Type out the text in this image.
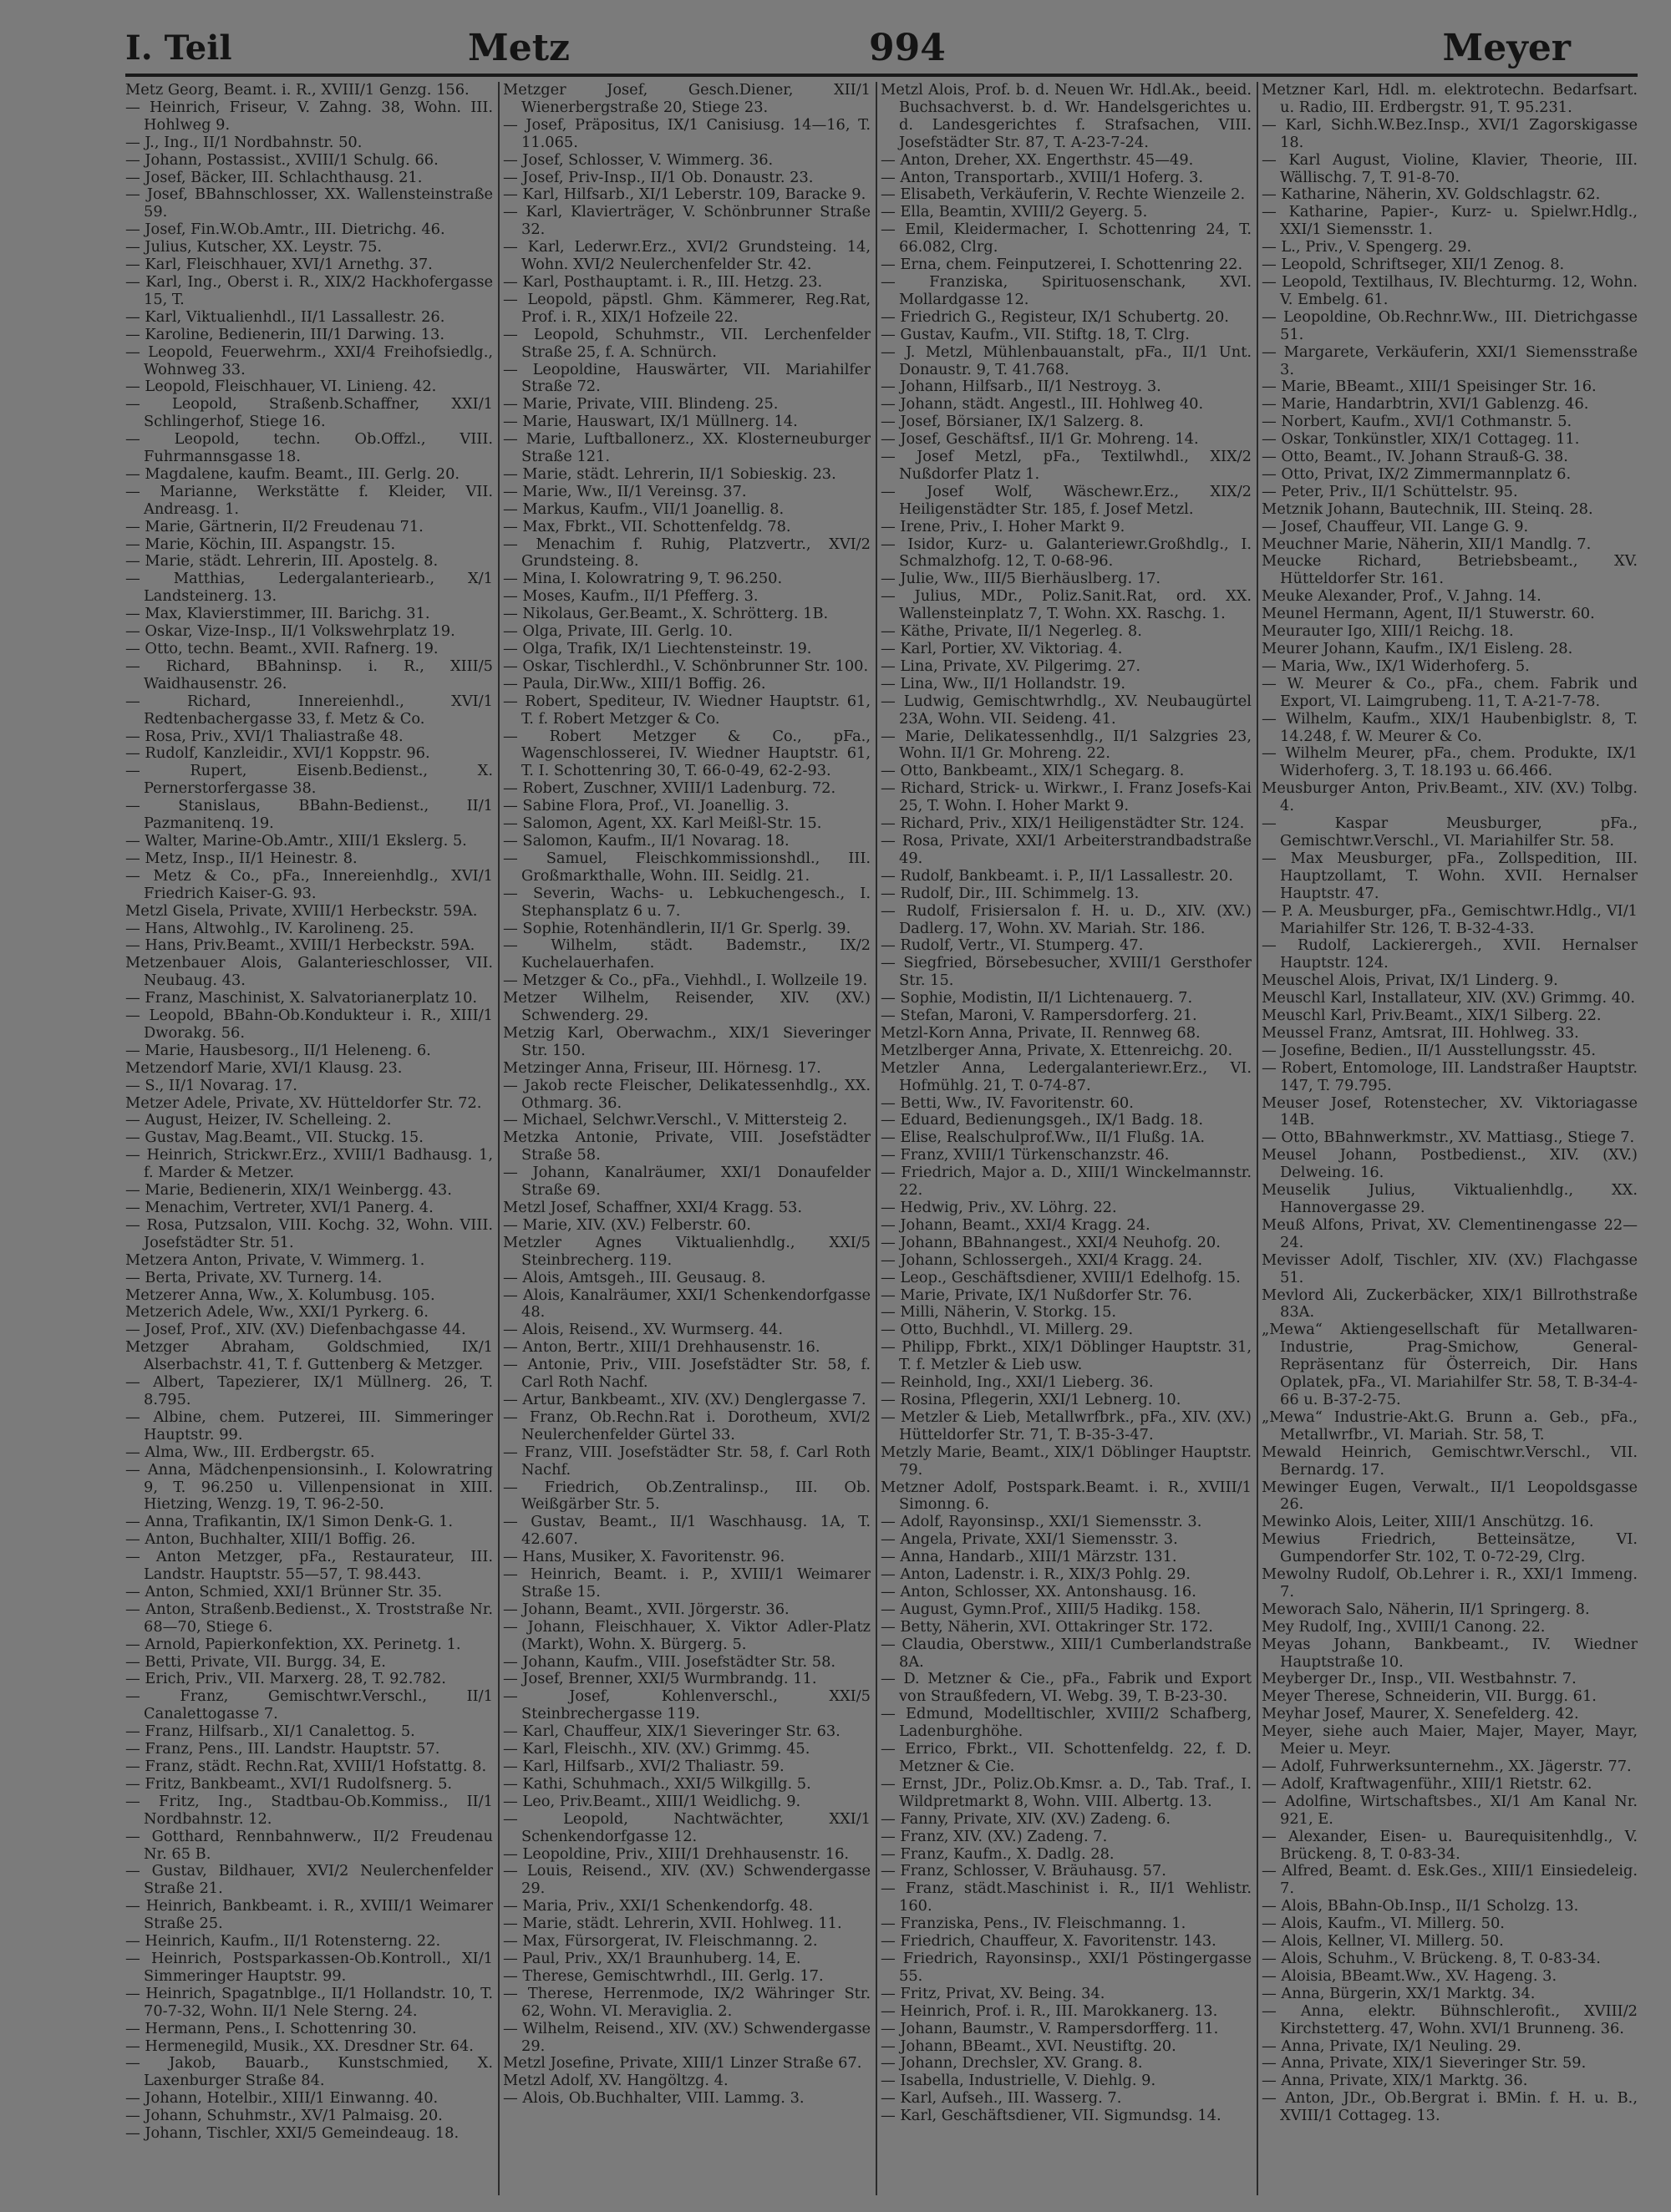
I. Teil	Metz	994	Meyer
Metz Georg, Beamt. i. R., XVIII/1 Genzg. 156.
— Heinrich, Friseur, V. Zahng. 38, Wohn. III. Hohlweg 9.
— J., Ing., II/1 Nordbahnstr. 50.
— Johann, Postassist., XVIII/1 Schulg. 66.
— Josef, Bäcker, III. Schlachthausg. 21.
— Josef, BBahnschlosser, XX. Wallensteinstraße 59.
— Josef, Fin.W.Ob.Amtr., III. Dietrichg. 46.
— Julius, Kutscher, XX. Leystr. 75.
— Karl, Fleischhauer, XVI/1 Arnethg. 37.
— Karl, Ing., Oberst i. R., XIX/2 Hackhofergasse 15, T.
— Karl, Viktualienhdl., II/1 Lassallestr. 26.
— Karoline, Bedienerin, III/1 Darwing. 13.
— Leopold, Feuerwehrm., XXI/4 Freihofsiedlg., Wohnweg 33.
— Leopold, Fleischhauer, VI. Linieng. 42.
— Leopold, Straßenb.Schaffner, XXI/1 Schlingerhof, Stiege 16.
— Leopold, techn. Ob.Offzl., VIII. Fuhrmannsgasse 18.
— Magdalene, kaufm. Beamt., III. Gerlg. 20.
— Marianne, Werkstätte f. Kleider, VII. Andreasg. 1.
— Marie, Gärtnerin, II/2 Freudenau 71.
— Marie, Köchin, III. Aspangstr. 15.
— Marie, städt. Lehrerin, III. Apostelg. 8.
— Matthias, Ledergalanteriearb., X/1 Landsteinerg. 13.
— Max, Klavierstimmer, III. Barichg. 31.
— Oskar, Vize-Insp., II/1 Volkswehrplatz 19.
— Otto, techn. Beamt., XVII. Rafnerg. 19.
— Richard, BBahninsp. i. R., XIII/5 Waidhausenstr. 26.
— Richard, Innereienhdl., XVI/1 Redtenbachergasse 33, f. Metz & Co.
— Rosa, Priv., XVI/1 Thaliastraße 48.
— Rudolf, Kanzleidir., XVI/1 Koppstr. 96.
— Rupert, Eisenb.Bedienst., X. Pernerstorfergasse 38.
— Stanislaus, BBahn-Bedienst., II/1 Pazmanitenq. 19.
— Walter, Marine-Ob.Amtr., XIII/1 Ekslerg. 5.
— Metz, Insp., II/1 Heinestr. 8.
— Metz & Co., pFa., Innereienhdlg., XVI/1 Friedrich Kaiser-G. 93.
Metzl Gisela, Private, XVIII/1 Herbeckstr. 59A.
— Hans, Altwohlg., IV. Karolineng. 25.
— Hans, Priv.Beamt., XVIII/1 Herbeckstr. 59A.
Metzenbauer Alois, Galanterieschlosser, VII. Neubaug. 43.
— Franz, Maschinist, X. Salvatorianerplatz 10.
— Leopold, BBahn-Ob.Kondukteur i. R., XIII/1 Dworakg. 56.
— Marie, Hausbesorg., II/1 Heleneng. 6.
Metzendorf Marie, XVI/1 Klausg. 23.
— S., II/1 Novarag. 17.
Metzer Adele, Private, XV. Hütteldorfer Str. 72.
— August, Heizer, IV. Schelleing. 2.
— Gustav, Mag.Beamt., VII. Stuckg. 15.
— Heinrich, Strickwr.Erz., XVIII/1 Badhausg. 1, f. Marder & Metzer.
— Marie, Bedienerin, XIX/1 Weinbergg. 43.
— Menachim, Vertreter, XVI/1 Panerg. 4.
— Rosa, Putzsalon, VIII. Kochg. 32, Wohn. VIII. Josefstädter Str. 51.
Metzera Anton, Private, V. Wimmerg. 1.
— Berta, Private, XV. Turnerg. 14.
Metzerer Anna, Ww., X. Kolumbusg. 105.
Metzerich Adele, Ww., XXI/1 Pyrkerg. 6.
— Josef, Prof., XIV. (XV.) Diefenbachgasse 44.
Metzger Abraham, Goldschmied, IX/1 Alserbachstr. 41, T. f. Guttenberg & Metzger.
— Albert, Tapezierer, IX/1 Müllnerg. 26, T. 8.795.
— Albine, chem. Putzerei, III. Simmeringer Hauptstr. 99.
— Alma, Ww., III. Erdbergstr. 65.
— Anna, Mädchenpensionsinh., I. Kolowratring 9, T. 96.250 u. Villenpensionat in XIII. Hietzing, Wenzg. 19, T. 96-2-50.
— Anna, Trafikantin, IX/1 Simon Denk-G. 1.
— Anton, Buchhalter, XIII/1 Boffig. 26.
— Anton Metzger, pFa., Restaurateur, III. Landstr. Hauptstr. 55—57, T. 98.443.
— Anton, Schmied, XXI/1 Brünner Str. 35.
— Anton, Straßenb.Bedienst., X. Troststraße Nr. 68—70, Stiege 6.
— Arnold, Papierkonfektion, XX. Perinetg. 1.
— Betti, Private, VII. Burgg. 34, E.
— Erich, Priv., VII. Marxerg. 28, T. 92.782.
— Franz, Gemischtwr.Verschl., II/1 Canalettogasse 7.
— Franz, Hilfsarb., XI/1 Canalettog. 5.
— Franz, Pens., III. Landstr. Hauptstr. 57.
— Franz, städt. Rechn.Rat, XVIII/1 Hofstattg. 8.
— Fritz, Bankbeamt., XVI/1 Rudolfsnerg. 5.
— Fritz, Ing., Stadtbau-Ob.Kommiss., II/1 Nordbahnstr. 12.
— Gotthard, Rennbahnwerw., II/2 Freudenau Nr. 65 B.
— Gustav, Bildhauer, XVI/2 Neulerchenfelder Straße 21.
— Heinrich, Bankbeamt. i. R., XVIII/1 Weimarer Straße 25.
— Heinrich, Kaufm., II/1 Rotensterng. 22.
— Heinrich, Postsparkassen-Ob.Kontroll., XI/1 Simmeringer Hauptstr. 99.
— Heinrich, Spagatnblge., II/1 Hollandstr. 10, T. 70-7-32, Wohn. II/1 Nele Sterng. 24.
— Hermann, Pens., I. Schottenring 30.
— Hermenegild, Musik., XX. Dresdner Str. 64.
— Jakob, Bauarb., Kunstschmied, X. Laxenburger Straße 84.
— Johann, Hotelbir., XIII/1 Einwanng. 40.
— Johann, Schuhmstr., XV/1 Palmaisg. 20.
— Johann, Tischler, XXI/5 Gemeindeaug. 18.
Metzger Josef, Gesch.Diener, XII/1 Wienerbergstraße 20, Stiege 23.
— Josef, Präpositus, IX/1 Canisiusg. 14—16, T. 11.065.
— Josef, Schlosser, V. Wimmerg. 36.
— Josef, Priv-Insp., II/1 Ob. Donaustr. 23.
— Karl, Hilfsarb., XI/1 Leberstr. 109, Baracke 9.
— Karl, Klavierträger, V. Schönbrunner Straße 32.
— Karl, Lederwr.Erz., XVI/2 Grundsteing. 14, Wohn. XVI/2 Neulerchenfelder Str. 42.
— Karl, Posthauptamt. i. R., III. Hetzg. 23.
— Leopold, päpstl. Ghm. Kämmerer, Reg.Rat, Prof. i. R., XIX/1 Hofzeile 22.
— Leopold, Schuhmstr., VII. Lerchenfelder Straße 25, f. A. Schnürch.
— Leopoldine, Hauswärter, VII. Mariahilfer Straße 72.
— Marie, Private, VIII. Blindeng. 25.
— Marie, Hauswart, IX/1 Müllnerg. 14.
— Marie, Luftballonerz., XX. Klosterneuburger Straße 121.
— Marie, städt. Lehrerin, II/1 Sobieskig. 23.
— Marie, Ww., II/1 Vereinsg. 37.
— Markus, Kaufm., VII/1 Joanellig. 8.
— Max, Fbrkt., VII. Schottenfeldg. 78.
— Menachim f. Ruhig, Platzvertr., XVI/2 Grundsteing. 8.
— Mina, I. Kolowratring 9, T. 96.250.
— Moses, Kaufm., II/1 Pfefferg. 3.
— Nikolaus, Ger.Beamt., X. Schrötterg. 1B.
— Olga, Private, III. Gerlg. 10.
— Olga, Trafik, IX/1 Liechtensteinstr. 19.
— Oskar, Tischlerdhl., V. Schönbrunner Str. 100.
— Paula, Dir.Ww., XIII/1 Boffig. 26.
— Robert, Spediteur, IV. Wiedner Hauptstr. 61, T. f. Robert Metzger & Co.
— Robert Metzger & Co., pFa., Wagenschlosserei, IV. Wiedner Hauptstr. 61, T. I. Schottenring 30, T. 66-0-49, 62-2-93.
— Robert, Zuschner, XVIII/1 Ladenburg. 72.
— Sabine Flora, Prof., VI. Joanellig. 3.
— Salomon, Agent, XX. Karl Meißl-Str. 15.
— Salomon, Kaufm., II/1 Novarag. 18.
— Samuel, Fleischkommissionshdl., III. Großmarkthalle, Wohn. III. Seidlg. 21.
— Severin, Wachs- u. Lebkuchengesch., I. Stephansplatz 6 u. 7.
— Sophie, Rotenhändlerin, II/1 Gr. Sperlg. 39.
— Wilhelm, städt. Bademstr., IX/2 Kuchelauerhafen.
— Metzger & Co., pFa., Viehhdl., I. Wollzeile 19.
Metzer Wilhelm, Reisender, XIV. (XV.) Schwenderg. 29.
Metzig Karl, Oberwachm., XIX/1 Sieveringer Str. 150.
Metzinger Anna, Friseur, III. Hörnesg. 17.
— Jakob recte Fleischer, Delikatessenhdlg., XX. Othmarg. 36.
— Michael, Selchwr.Verschl., V. Mittersteig 2.
Metzka Antonie, Private, VIII. Josefstädter Straße 58.
— Johann, Kanalräumer, XXI/1 Donaufelder Straße 69.
Metzl Josef, Schaffner, XXI/4 Kragg. 53.
— Marie, XIV. (XV.) Felberstr. 60.
Metzler Agnes Viktualienhdlg., XXI/5 Steinbrecherg. 119.
— Alois, Amtsgeh., III. Geusaug. 8.
— Alois, Kanalräumer, XXI/1 Schenkendorfgasse 48.
— Alois, Reisend., XV. Wurmserg. 44.
— Anton, Bertr., XIII/1 Drehhausenstr. 16.
— Antonie, Priv., VIII. Josefstädter Str. 58, f. Carl Roth Nachf.
— Artur, Bankbeamt., XIV. (XV.) Denglergasse 7.
— Franz, Ob.Rechn.Rat i. Dorotheum, XVI/2 Neulerchenfelder Gürtel 33.
— Franz, VIII. Josefstädter Str. 58, f. Carl Roth Nachf.
— Friedrich, Ob.Zentralinsp., III. Ob. Weißgärber Str. 5.
— Gustav, Beamt., II/1 Waschhausg. 1A, T. 42.607.
— Hans, Musiker, X. Favoritenstr. 96.
— Heinrich, Beamt. i. P., XVIII/1 Weimarer Straße 15.
— Johann, Beamt., XVII. Jörgerstr. 36.
— Johann, Fleischhauer, X. Viktor Adler-Platz (Markt), Wohn. X. Bürgerg. 5.
— Johann, Kaufm., VIII. Josefstädter Str. 58.
— Josef, Brenner, XXI/5 Wurmbrandg. 11.
— Josef, Kohlenverschl., XXI/5 Steinbrechergasse 119.
— Karl, Chauffeur, XIX/1 Sieveringer Str. 63.
— Karl, Fleischh., XIV. (XV.) Grimmg. 45.
— Karl, Hilfsarb., XVI/2 Thaliastr. 59.
— Kathi, Schuhmach., XXI/5 Wilkgillg. 5.
— Leo, Priv.Beamt., XIII/1 Weidlichg. 9.
— Leopold, Nachtwächter, XXI/1 Schenkendorfgasse 12.
— Leopoldine, Priv., XIII/1 Drehhausenstr. 16.
— Louis, Reisend., XIV. (XV.) Schwendergasse 29.
— Maria, Priv., XXI/1 Schenkendorfg. 48.
— Marie, städt. Lehrerin, XVII. Hohlweg. 11.
— Max, Fürsorgerat, IV. Fleischmanng. 2.
— Paul, Priv., XX/1 Braunhuberg. 14, E.
— Therese, Gemischtwrhdl., III. Gerlg. 17.
— Therese, Herrenmode, IX/2 Währinger Str. 62, Wohn. VI. Meraviglia. 2.
— Wilhelm, Reisend., XIV. (XV.) Schwendergasse 29.
Metzl Josefine, Private, XIII/1 Linzer Straße 67.
Metzl Adolf, XV. Hangöltzg. 4.
— Alois, Ob.Buchhalter, VIII. Lammg. 3.
Metzl Alois, Prof. b. d. Neuen Wr. Hdl.Ak., beeid. Buchsachverst. b. d. Wr. Handelsgerichtes u. d. Landesgerichtes f. Strafsachen, VIII. Josefstädter Str. 87, T. A-23-7-24.
— Anton, Dreher, XX. Engerthstr. 45—49.
— Anton, Transportarb., XVIII/1 Hoferg. 3.
— Elisabeth, Verkäuferin, V. Rechte Wienzeile 2.
— Ella, Beamtin, XVIII/2 Geyerg. 5.
— Emil, Kleidermacher, I. Schottenring 24, T. 66.082, Clrg.
— Erna, chem. Feinputzerei, I. Schottenring 22.
— Franziska, Spirituosenschank, XVI. Mollardgasse 12.
— Friedrich G., Registeur, IX/1 Schubertg. 20.
— Gustav, Kaufm., VII. Stiftg. 18, T. Clrg.
— J. Metzl, Mühlenbauanstalt, pFa., II/1 Unt. Donaustr. 9, T. 41.768.
— Johann, Hilfsarb., II/1 Nestroyg. 3.
— Johann, städt. Angestl., III. Hohlweg 40.
— Josef, Börsianer, IX/1 Salzerg. 8.
— Josef, Geschäftsf., II/1 Gr. Mohreng. 14.
— Josef Metzl, pFa., Textilwhdl., XIX/2 Nußdorfer Platz 1.
— Josef Wolf, Wäschewr.Erz., XIX/2 Heiligenstädter Str. 185, f. Josef Metzl.
— Irene, Priv., I. Hoher Markt 9.
— Isidor, Kurz- u. Galanteriewr.Großhdlg., I. Schmalzhofg. 12, T. 0-68-96.
— Julie, Ww., III/5 Bierhäuslberg. 17.
— Julius, MDr., Poliz.Sanit.Rat, ord. XX. Wallensteinplatz 7, T. Wohn. XX. Raschg. 1.
— Käthe, Private, II/1 Negerleg. 8.
— Karl, Portier, XV. Viktoriag. 4.
— Lina, Private, XV. Pilgerimg. 27.
— Lina, Ww., II/1 Hollandstr. 19.
— Ludwig, Gemischtwrhdlg., XV. Neubaugürtel 23A, Wohn. VII. Seideng. 41.
— Marie, Delikatessenhdlg., II/1 Salzgries 23, Wohn. II/1 Gr. Mohreng. 22.
— Otto, Bankbeamt., XIX/1 Schegarg. 8.
— Richard, Strick- u. Wirkwr., I. Franz Josefs-Kai 25, T. Wohn. I. Hoher Markt 9.
— Richard, Priv., XIX/1 Heiligenstädter Str. 124.
— Rosa, Private, XXI/1 Arbeiterstrandbadstraße 49.
— Rudolf, Bankbeamt. i. P., II/1 Lassallestr. 20.
— Rudolf, Dir., III. Schimmelg. 13.
— Rudolf, Frisiersalon f. H. u. D., XIV. (XV.) Dadlerg. 17, Wohn. XV. Mariah. Str. 186.
— Rudolf, Vertr., VI. Stumperg. 47.
— Siegfried, Börsebesucher, XVIII/1 Gersthofer Str. 15.
— Sophie, Modistin, II/1 Lichtenauerg. 7.
— Stefan, Maroni, V. Rampersdorferg. 21.
Metzl-Korn Anna, Private, II. Rennweg 68.
Metzlberger Anna, Private, X. Ettenreichg. 20.
Metzler Anna, Ledergalanteriewr.Erz., VI. Hofmühlg. 21, T. 0-74-87.
— Betti, Ww., IV. Favoritenstr. 60.
— Eduard, Bedienungsgeh., IX/1 Badg. 18.
— Elise, Realschulprof.Ww., II/1 Flußg. 1A.
— Franz, XVIII/1 Türkenschanzstr. 46.
— Friedrich, Major a. D., XIII/1 Winckelmannstr. 22.
— Hedwig, Priv., XV. Löhrg. 22.
— Johann, Beamt., XXI/4 Kragg. 24.
— Johann, BBahnangest., XXI/4 Neuhofg. 20.
— Johann, Schlossergeh., XXI/4 Kragg. 24.
— Leop., Geschäftsdiener, XVIII/1 Edelhofg. 15.
— Marie, Private, IX/1 Nußdorfer Str. 76.
— Milli, Näherin, V. Storkg. 15.
— Otto, Buchhdl., VI. Millerg. 29.
— Philipp, Fbrkt., XIX/1 Döblinger Hauptstr. 31, T. f. Metzler & Lieb usw.
— Reinhold, Ing., XXI/1 Lieberg. 36.
— Rosina, Pflegerin, XXI/1 Lebnerg. 10.
— Metzler & Lieb, Metallwrfbrk., pFa., XIV. (XV.) Hütteldorfer Str. 71, T. B-35-3-47.
Metzly Marie, Beamt., XIX/1 Döblinger Hauptstr. 79.
Metzner Adolf, Postspark.Beamt. i. R., XVIII/1 Simonng. 6.
— Adolf, Rayonsinsp., XXI/1 Siemensstr. 3.
— Angela, Private, XXI/1 Siemensstr. 3.
— Anna, Handarb., XIII/1 Märzstr. 131.
— Anton, Ladenstr. i. R., XIX/3 Pohlg. 29.
— Anton, Schlosser, XX. Antonshausg. 16.
— August, Gymn.Prof., XIII/5 Hadikg. 158.
— Betty, Näherin, XVI. Ottakringer Str. 172.
— Claudia, Oberstww., XIII/1 Cumberlandstraße 8A.
— D. Metzner & Cie., pFa., Fabrik und Export von Straußfedern, VI. Webg. 39, T. B-23-30.
— Edmund, Modelltischler, XVIII/2 Schafberg, Ladenburghöhe.
— Errico, Fbrkt., VII. Schottenfeldg. 22, f. D. Metzner & Cie.
— Ernst, JDr., Poliz.Ob.Kmsr. a. D., Tab. Traf., I. Wildpretmarkt 8, Wohn. VIII. Albertg. 13.
— Fanny, Private, XIV. (XV.) Zadeng. 6.
— Franz, XIV. (XV.) Zadeng. 7.
— Franz, Kaufm., X. Dadlg. 28.
— Franz, Schlosser, V. Bräuhausg. 57.
— Franz, städt.Maschinist i. R., II/1 Wehlistr. 160.
— Franziska, Pens., IV. Fleischmanng. 1.
— Friedrich, Chauffeur, X. Favoritenstr. 143.
— Friedrich, Rayonsinsp., XXI/1 Pöstingergasse 55.
— Fritz, Privat, XV. Being. 34.
— Heinrich, Prof. i. R., III. Marokkanerg. 13.
— Johann, Baumstr., V. Rampersdorfferg. 11.
— Johann, BBeamt., XVI. Neustiftg. 20.
— Johann, Drechsler, XV. Grang. 8.
— Isabella, Industrielle, V. Diehlg. 9.
— Karl, Aufseh., III. Wasserg. 7.
— Karl, Geschäftsdiener, VII. Sigmundsg. 14.
Metzner Karl, Hdl. m. elektrotechn. Bedarfsart. u. Radio, III. Erdbergstr. 91, T. 95.231.
— Karl, Sichh.W.Bez.Insp., XVI/1 Zagorskigasse 18.
— Karl August, Violine, Klavier, Theorie, III. Wällischg. 7, T. 91-8-70.
— Katharine, Näherin, XV. Goldschlagstr. 62.
— Katharine, Papier-, Kurz- u. Spielwr.Hdlg., XXI/1 Siemensstr. 1.
— L., Priv., V. Spengerg. 29.
— Leopold, Schriftseger, XII/1 Zenog. 8.
— Leopold, Textilhaus, IV. Blechturmg. 12, Wohn. V. Embelg. 61.
— Leopoldine, Ob.Rechnr.Ww., III. Dietrichgasse 51.
— Margarete, Verkäuferin, XXI/1 Siemensstraße 3.
— Marie, BBeamt., XIII/1 Speisinger Str. 16.
— Marie, Handarbtrin, XVI/1 Gablenzg. 46.
— Norbert, Kaufm., XVI/1 Cothmanstr. 5.
— Oskar, Tonkünstler, XIX/1 Cottageg. 11.
— Otto, Beamt., IV. Johann Strauß-G. 38.
— Otto, Privat, IX/2 Zimmermannplatz 6.
— Peter, Priv., II/1 Schüttelstr. 95.
Metznik Johann, Bautechnik, III. Steinq. 28.
— Josef, Chauffeur, VII. Lange G. 9.
Meuchner Marie, Näherin, XII/1 Mandlg. 7.
Meucke Richard, Betriebsbeamt., XV. Hütteldorfer Str. 161.
Meuke Alexander, Prof., V. Jahng. 14.
Meunel Hermann, Agent, II/1 Stuwerstr. 60.
Meurauter Igo, XIII/1 Reichg. 18.
Meurer Johann, Kaufm., IX/1 Eisleng. 28.
— Maria, Ww., IX/1 Widerhoferg. 5.
— W. Meurer & Co., pFa., chem. Fabrik und Export, VI. Laimgrubeng. 11, T. A-21-7-78.
— Wilhelm, Kaufm., XIX/1 Haubenbiglstr. 8, T. 14.248, f. W. Meurer & Co.
— Wilhelm Meurer, pFa., chem. Produkte, IX/1 Widerhoferg. 3, T. 18.193 u. 66.466.
Meusburger Anton, Priv.Beamt., XIV. (XV.) Tolbg. 4.
— Kaspar Meusburger, pFa., Gemischtwr.Verschl., VI. Mariahilfer Str. 58.
— Max Meusburger, pFa., Zollspedition, III. Hauptzollamt, T. Wohn. XVII. Hernalser Hauptstr. 47.
— P. A. Meusburger, pFa., Gemischtwr.Hdlg., VI/1 Mariahilfer Str. 126, T. B-32-4-33.
— Rudolf, Lackierergeh., XVII. Hernalser Hauptstr. 124.
Meuschel Alois, Privat, IX/1 Linderg. 9.
Meuschl Karl, Installateur, XIV. (XV.) Grimmg. 40.
Meuschl Karl, Priv.Beamt., XIX/1 Silberg. 22.
Meussel Franz, Amtsrat, III. Hohlweg. 33.
— Josefine, Bedien., II/1 Ausstellungsstr. 45.
— Robert, Entomologe, III. Landstraßer Hauptstr. 147, T. 79.795.
Meuser Josef, Rotenstecher, XV. Viktoriagasse 14B.
— Otto, BBahnwerkmstr., XV. Mattiasg., Stiege 7.
Meusel Johann, Postbedienst., XIV. (XV.) Delweing. 16.
Meuselik Julius, Viktualienhdlg., XX. Hannovergasse 29.
Meuß Alfons, Privat, XV. Clementinengasse 22—24.
Mevisser Adolf, Tischler, XIV. (XV.) Flachgasse 51.
Mevlord Ali, Zuckerbäcker, XIX/1 Billrothstraße 83A.
„Mewa“ Aktiengesellschaft für Metallwaren-Industrie, Prag-Smichow, General-Repräsentanz für Österreich, Dir. Hans Oplatek, pFa., VI. Mariahilfer Str. 58, T. B-34-4-66 u. B-37-2-75.
„Mewa“ Industrie-Akt.G. Brunn a. Geb., pFa., Metallwrfbr., VI. Mariah. Str. 58, T.
Mewald Heinrich, Gemischtwr.Verschl., VII. Bernardg. 17.
Mewinger Eugen, Verwalt., II/1 Leopoldsgasse 26.
Mewinko Alois, Leiter, XIII/1 Anschützg. 16.
Mewius Friedrich, Betteinsätze, VI. Gumpendorfer Str. 102, T. 0-72-29, Clrg.
Mewolny Rudolf, Ob.Lehrer i. R., XXI/1 Immeng. 7.
Meworach Salo, Näherin, II/1 Springerg. 8.
Mey Rudolf, Ing., XVIII/1 Canong. 22.
Meyas Johann, Bankbeamt., IV. Wiedner Hauptstraße 10.
Meyberger Dr., Insp., VII. Westbahnstr. 7.
Meyer Therese, Schneiderin, VII. Burgg. 61.
Meyhar Josef, Maurer, X. Senefelderg. 42.
Meyer, siehe auch Maier, Majer, Mayer, Mayr, Meier u. Meyr.
— Adolf, Fuhrwerksunternehm., XX. Jägerstr. 77.
— Adolf, Kraftwagenführ., XIII/1 Rietstr. 62.
— Adolfine, Wirtschaftsbes., XI/1 Am Kanal Nr. 921, E.
— Alexander, Eisen- u. Baurequisitenhdlg., V. Brückeng. 8, T. 0-83-34.
— Alfred, Beamt. d. Esk.Ges., XIII/1 Einsiedeleig. 7.
— Alois, BBahn-Ob.Insp., II/1 Scholzg. 13.
— Alois, Kaufm., VI. Millerg. 50.
— Alois, Kellner, VI. Millerg. 50.
— Alois, Schuhm., V. Brückeng. 8, T. 0-83-34.
— Aloisia, BBeamt.Ww., XV. Hageng. 3.
— Anna, Bürgerin, XX/1 Marktg. 34.
— Anna, elektr. Bühnschlerofit., XVIII/2 Kirchstetterg. 47, Wohn. XVI/1 Brunneng. 36.
— Anna, Private, IX/1 Neuling. 29.
— Anna, Private, XIX/1 Sieveringer Str. 59.
— Anna, Private, XIX/1 Marktg. 36.
— Anton, JDr., Ob.Bergrat i. BMin. f. H. u. B., XVIII/1 Cottageg. 13.
